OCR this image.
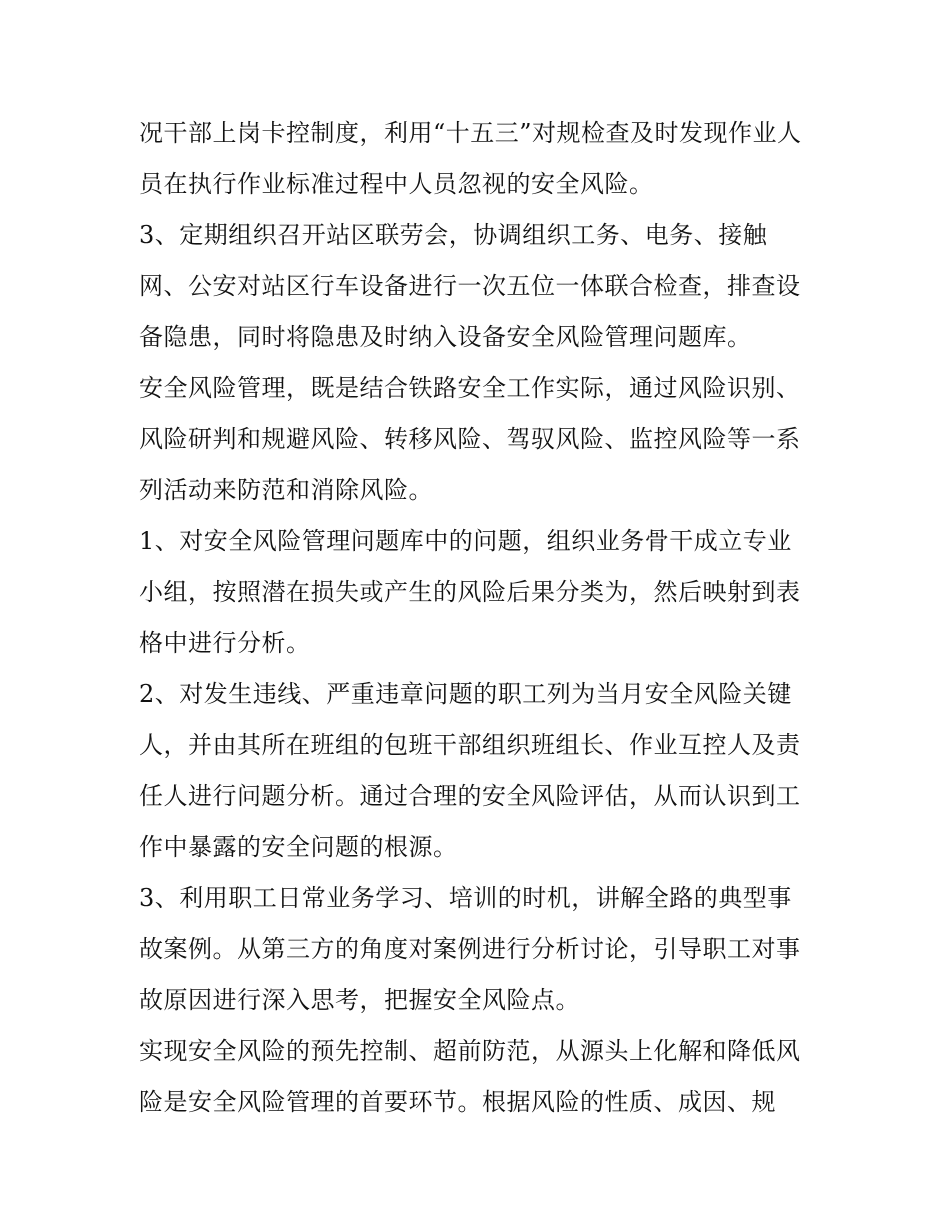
况干部上岗卡控制度，利用“十五三”对规检查及时发现作业人
员在执行作业标准过程中人员忽视的安全风险。
3、定期组织召开站区联劳会，协调组织工务、电务、接触
网、公安对站区行车设备进行一次五位一体联合检查，排查设
备隐患，同时将隐患及时纳入设备安全风险管理问题库。
安全风险管理，既是结合铁路安全工作实际，通过风险识别、
风险研判和规避风险、转移风险、驾驭风险、监控风险等一系
列活动来防范和消除风险。
1、对安全风险管理问题库中的问题，组织业务骨干成立专业
小组，按照潜在损失或产生的风险后果分类为，然后映射到表
格中进行分析。
2、对发生违线、严重违章问题的职工列为当月安全风险关键
人，并由其所在班组的包班干部组织班组长、作业互控人及责
任人进行问题分析。通过合理的安全风险评估，从而认识到工
作中暴露的安全问题的根源。
3、利用职工日常业务学习、培训的时机，讲解全路的典型事
故案例。从第三方的角度对案例进行分析讨论，引导职工对事
故原因进行深入思考，把握安全风险点。
实现安全风险的预先控制、超前防范，从源头上化解和降低风
险是安全风险管理的首要环节。根据风险的性质、成因、规
